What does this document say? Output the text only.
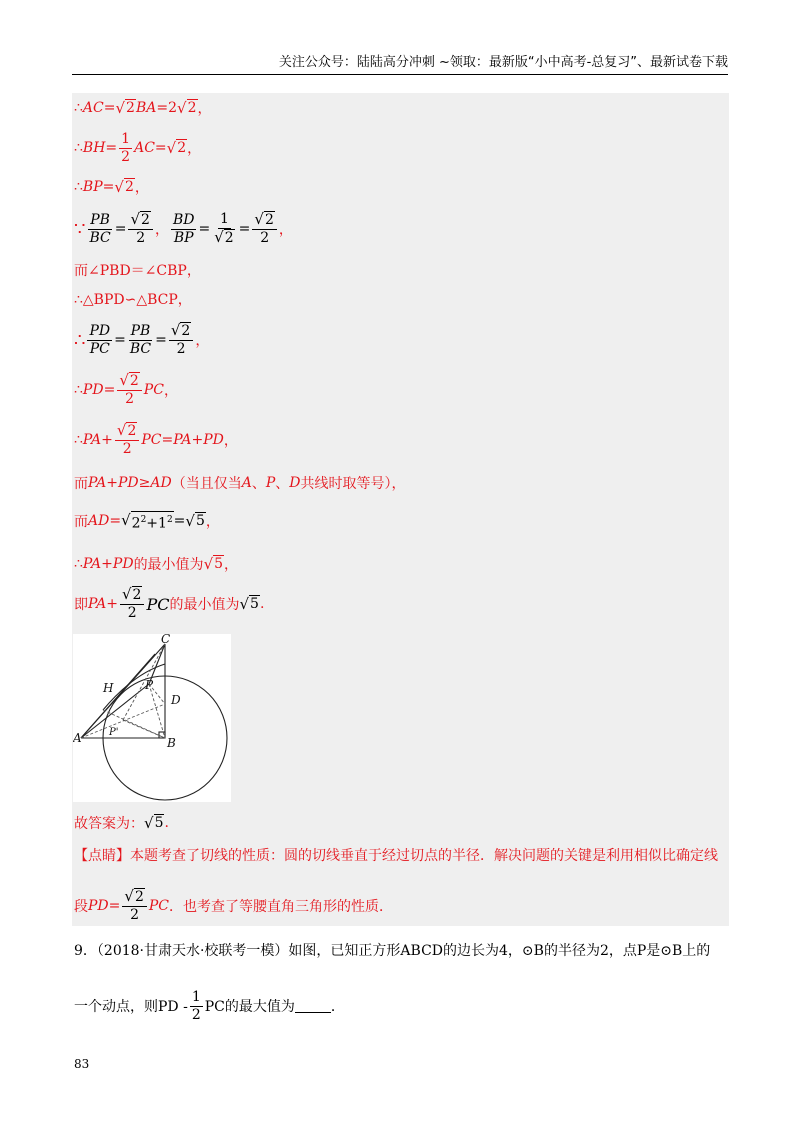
关注公众号：陆陆高分冲刺 ~领取：最新版“小中高考-总复习”、最新试卷下载
∴ AC = √ 2 BA =2 √ 2 ，
∴ BH = $\frac{1}{2}$ AC = √ 2 ，
∴ BP = √ 2 ，
∵ $\frac{PB}{BC} = \frac{√ 2}{2}$ ， $\frac{BD}{BP} = \frac{1}{√ 2} = \frac{√ 2}{2}$ ，
而∠PBD＝∠CBP，
∴△BPD∽△BCP，
∴ $\frac{PD}{PC} = \frac{PB}{BC} = \frac{√ 2}{2}$ ，
∴ PD = $\frac{√ 2}{2}$ PC ，
∴ PA + $\frac{√ 2}{2}$ PC = PA + PD ，
而 PA + PD ≥ AD （当且仅当 A 、 P 、 D 共线时取等号），
而 AD = √ $2^2+1^2$ = √ 5 ，
∴ PA + PD 的最小值为 √ 5 ，
即 PA + $\frac{√ 2}{2}$ PC 的最小值为 √ 5 .
C
H	P
D
A	P'
B
故答案为： √ 5 .
【点睛】本题考查了切线的性质：圆的切线垂直于经过切点的半径．解决问题的关键是利用相似比确定线
段 PD = $\frac{√ 2}{2}$ PC ．也考查了等腰直角三角形的性质．
9．（2018·甘肃天水·校联考一模）如图，已知正方形ABCD的边长为4，⊙B的半径为2，点P是⊙B上的
一个动点，则PD - $\frac{1}{2}$ PC的最大值为	．
83
